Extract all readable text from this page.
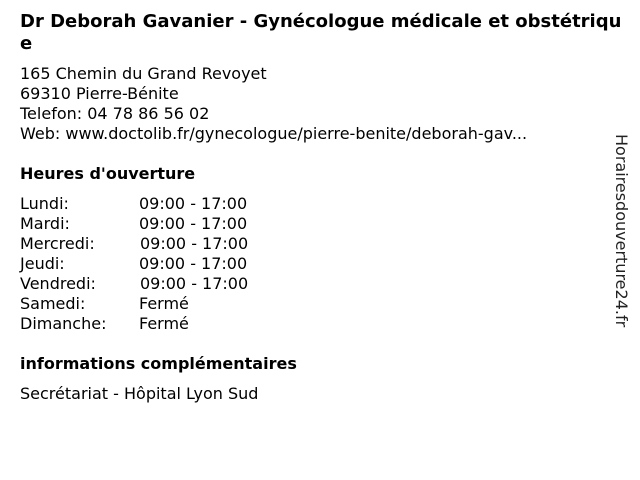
Dr Deborah Gavanier - Gynécologue médicale et obstétrique
165 Chemin du Grand Revoyet
69310 Pierre-Bénite
Telefon: 04 78 86 56 02
Web: www.doctolib.fr/gynecologue/pierre-benite/deborah-gav...
Heures d'ouverture
Lundi:	09:00 - 17:00
Mardi:	09:00 - 17:00
Mercredi:	09:00 - 17:00
Jeudi:	09:00 - 17:00
Vendredi:	09:00 - 17:00
Samedi:	Fermé
Dimanche: Fermé
informations complémentaires
Secrétariat - Hôpital Lyon Sud
Horairesdouverture24.fr
